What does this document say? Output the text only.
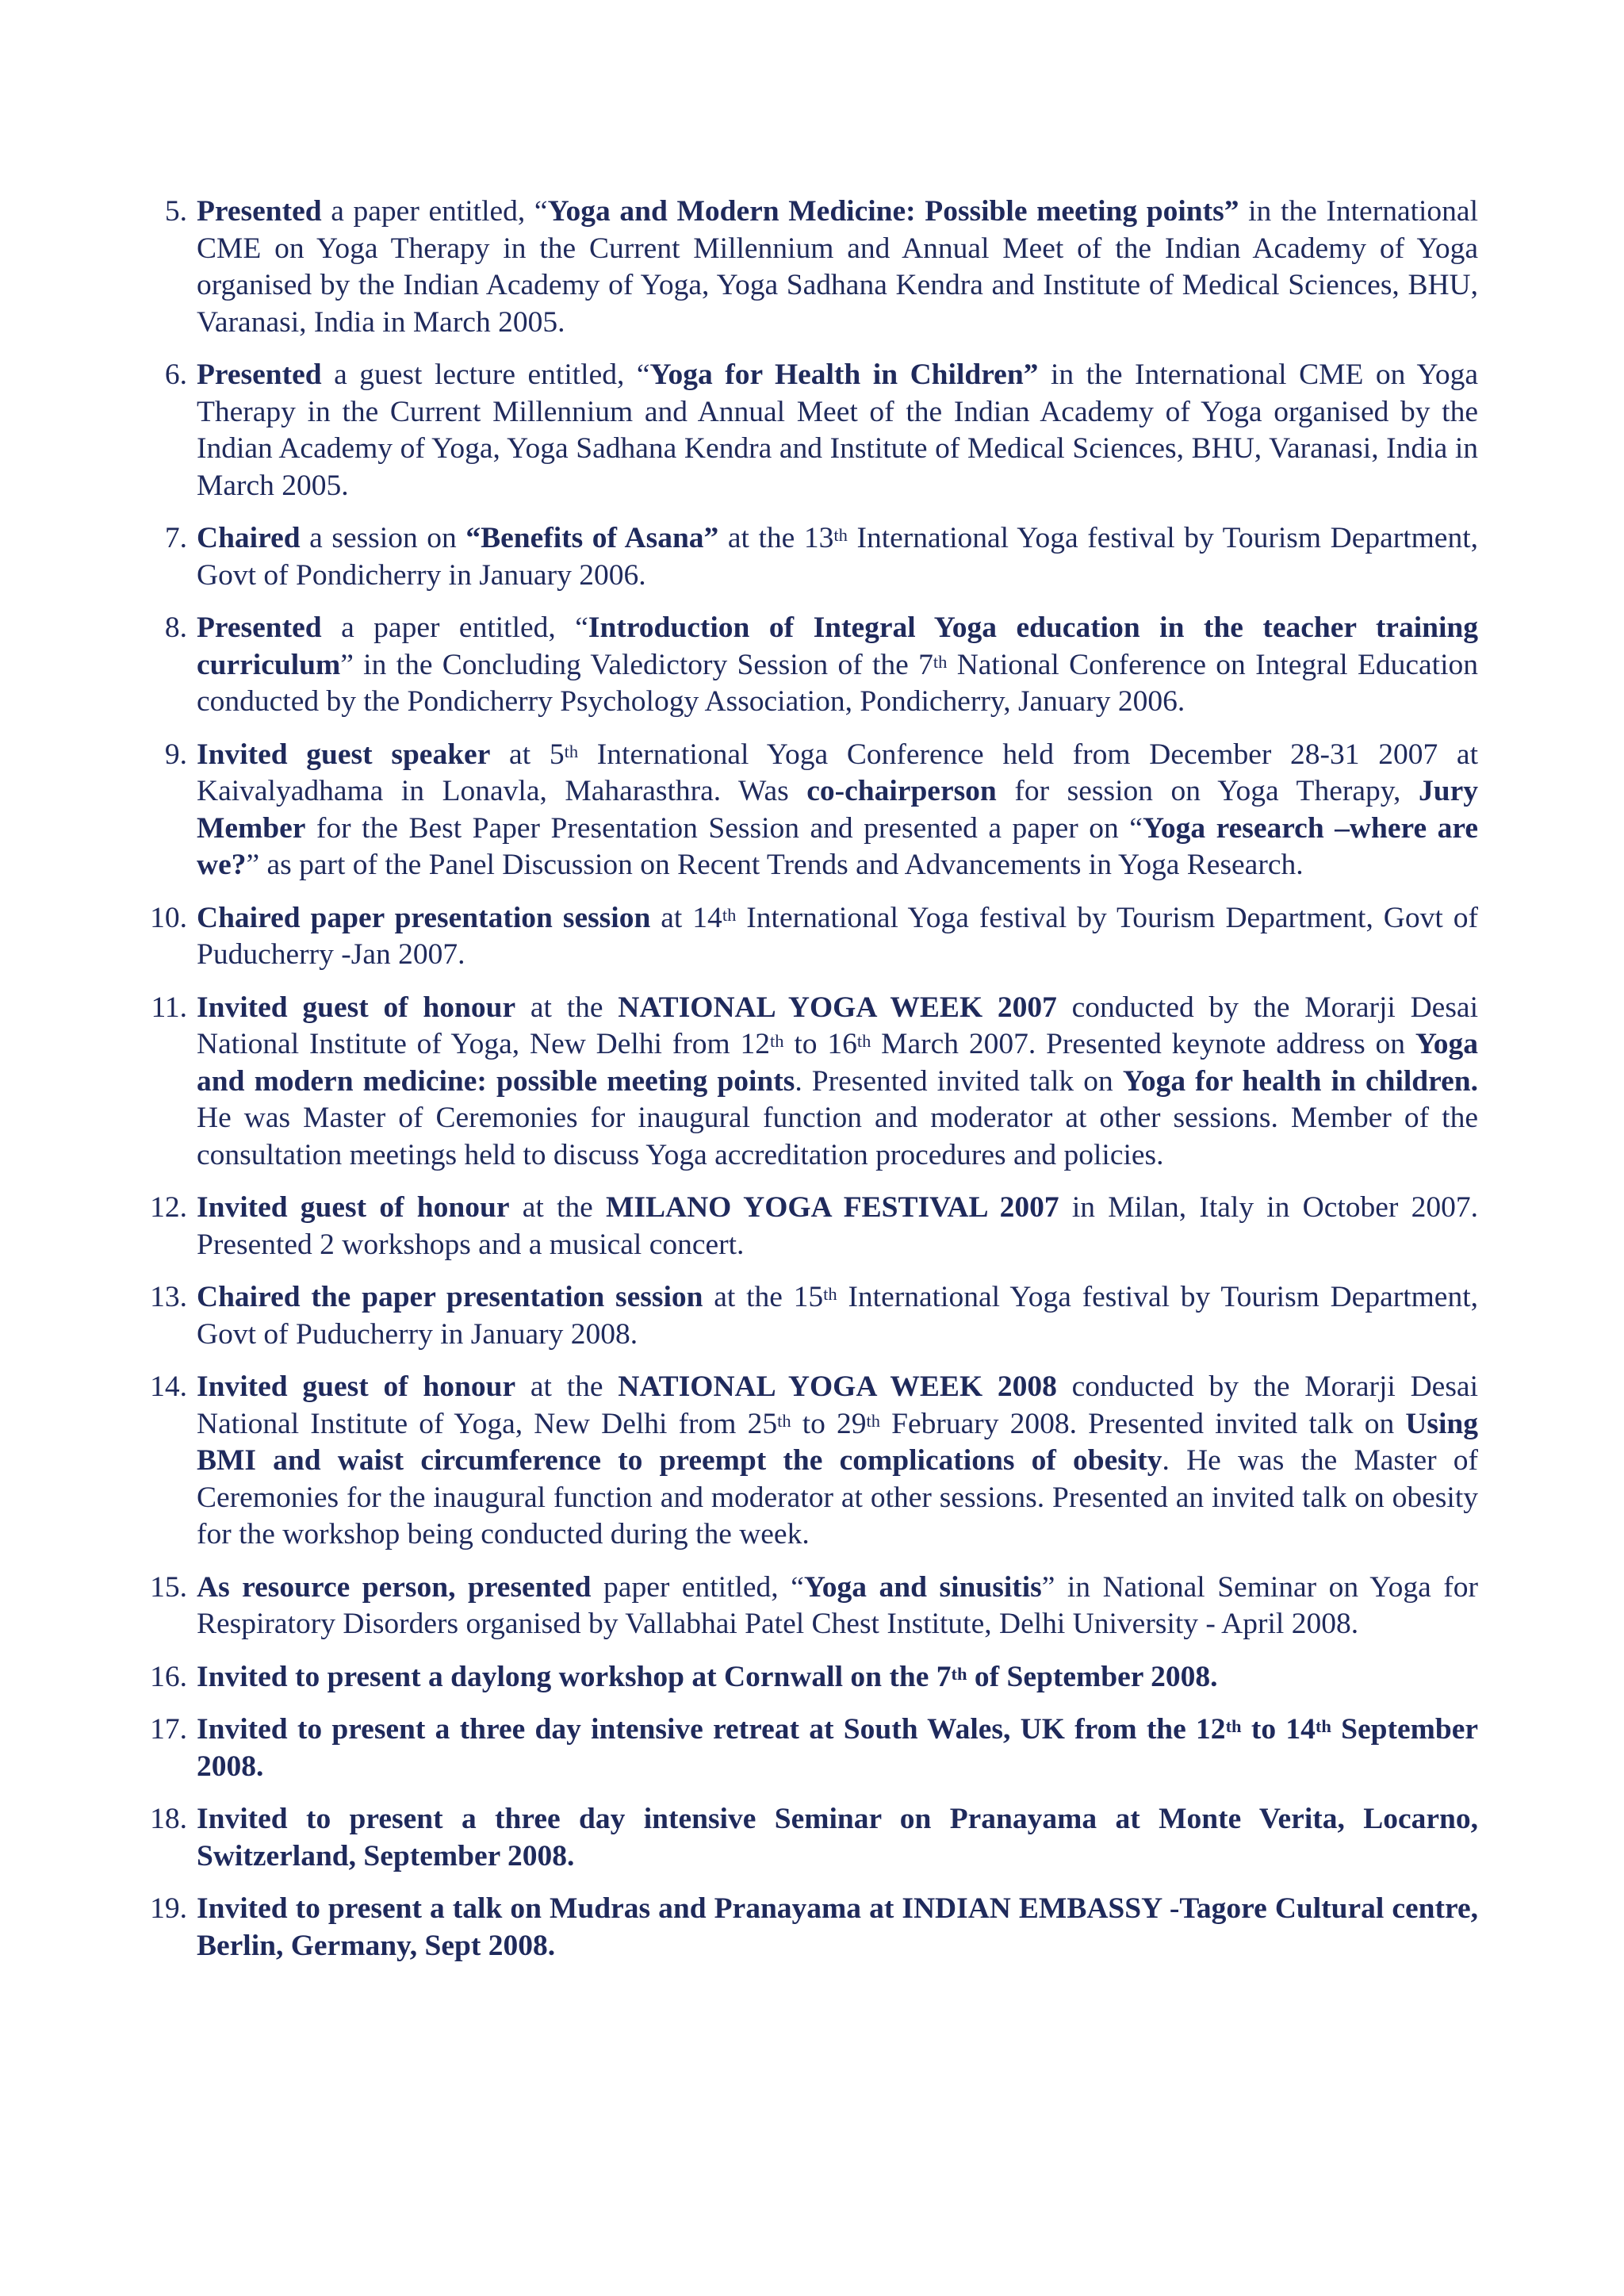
5. Presented a paper entitled, “Yoga and Modern Medicine: Possible meeting points” in the International CME on Yoga Therapy in the Current Millennium and Annual Meet of the Indian Academy of Yoga organised by the Indian Academy of Yoga, Yoga Sadhana Kendra and Institute of Medical Sciences, BHU, Varanasi, India in March 2005.
6. Presented a guest lecture entitled, “Yoga for Health in Children” in the International CME on Yoga Therapy in the Current Millennium and Annual Meet of the Indian Academy of Yoga organised by the Indian Academy of Yoga, Yoga Sadhana Kendra and Institute of Medical Sciences, BHU, Varanasi, India in March 2005.
7. Chaired a session on “Benefits of Asana” at the 13th International Yoga festival by Tourism Department, Govt of Pondicherry in January 2006.
8. Presented a paper entitled, “Introduction of Integral Yoga education in the teacher training curriculum” in the Concluding Valedictory Session of the 7th National Conference on Integral Education conducted by the Pondicherry Psychology Association, Pondicherry, January 2006.
9. Invited guest speaker at 5th International Yoga Conference held from December 28-31 2007 at Kaivalyadhama in Lonavla, Maharasthra. Was co-chairperson for session on Yoga Therapy, Jury Member for the Best Paper Presentation Session and presented a paper on “Yoga research –where are we?” as part of the Panel Discussion on Recent Trends and Advancements in Yoga Research.
10. Chaired paper presentation session at 14th International Yoga festival by Tourism Department, Govt of Puducherry -Jan 2007.
11. Invited guest of honour at the NATIONAL YOGA WEEK 2007 conducted by the Morarji Desai National Institute of Yoga, New Delhi from 12th to 16th March 2007. Presented keynote address on Yoga and modern medicine: possible meeting points. Presented invited talk on Yoga for health in children. He was Master of Ceremonies for inaugural function and moderator at other sessions. Member of the consultation meetings held to discuss Yoga accreditation procedures and policies.
12. Invited guest of honour at the MILANO YOGA FESTIVAL 2007 in Milan, Italy in October 2007. Presented 2 workshops and a musical concert.
13. Chaired the paper presentation session at the 15th International Yoga festival by Tourism Department, Govt of Puducherry in January 2008.
14. Invited guest of honour at the NATIONAL YOGA WEEK 2008 conducted by the Morarji Desai National Institute of Yoga, New Delhi from 25th to 29th February 2008. Presented invited talk on Using BMI and waist circumference to preempt the complications of obesity. He was the Master of Ceremonies for the inaugural function and moderator at other sessions. Presented an invited talk on obesity for the workshop being conducted during the week.
15. As resource person, presented paper entitled, “Yoga and sinusitis” in National Seminar on Yoga for Respiratory Disorders organised by Vallabhai Patel Chest Institute, Delhi University - April 2008.
16. Invited to present a daylong workshop at Cornwall on the 7th of September 2008.
17. Invited to present a three day intensive retreat at South Wales, UK from the 12th to 14th September 2008.
18. Invited to present a three day intensive Seminar on Pranayama at Monte Verita, Locarno, Switzerland, September 2008.
19. Invited to present a talk on Mudras and Pranayama at INDIAN EMBASSY -Tagore Cultural centre, Berlin, Germany, Sept 2008.
